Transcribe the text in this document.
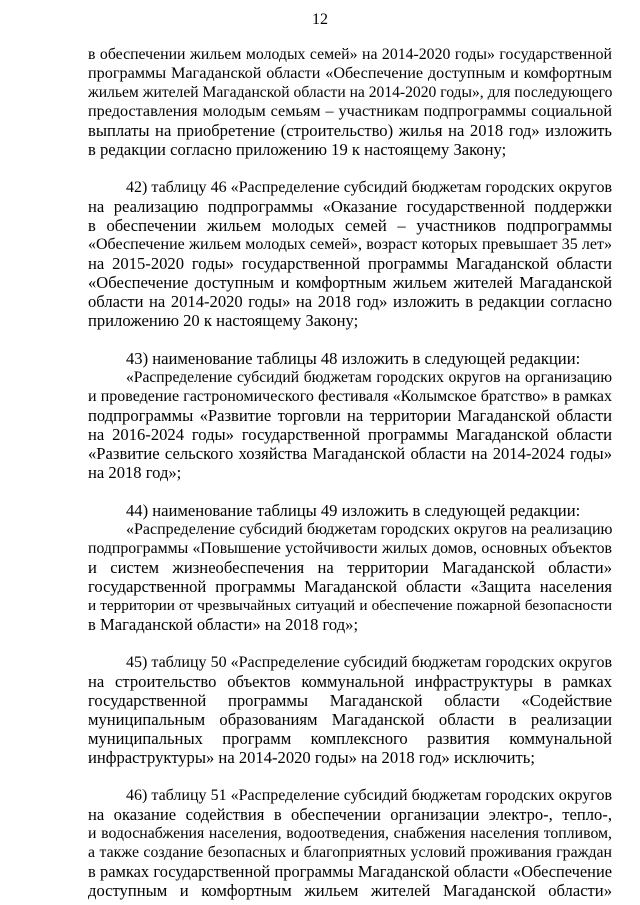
12
в обеспечении жильем молодых семей» на 2014-2020 годы» государственной
программы Магаданской области «Обеспечение доступным и комфортным
жильем жителей Магаданской области на 2014-2020 годы», для последующего
предоставления молодым семьям – участникам подпрограммы социальной
выплаты на приобретение (строительство) жилья на 2018 год» изложить
в редакции согласно приложению 19 к настоящему Закону;
42) таблицу 46 «Распределение субсидий бюджетам городских округов
на реализацию подпрограммы «Оказание государственной поддержки
в обеспечении жильем молодых семей – участников подпрограммы
«Обеспечение жильем молодых семей», возраст которых превышает 35 лет»
на 2015-2020 годы» государственной программы Магаданской области
«Обеспечение доступным и комфортным жильем жителей Магаданской
области на 2014-2020 годы» на 2018 год» изложить в редакции согласно
приложению 20 к настоящему Закону;
43) наименование таблицы 48 изложить в следующей редакции:
«Распределение субсидий бюджетам городских округов на организацию
и проведение гастрономического фестиваля «Колымское братство» в рамках
подпрограммы «Развитие торговли на территории Магаданской области
на 2016-2024 годы» государственной программы Магаданской области
«Развитие сельского хозяйства Магаданской области на 2014-2024 годы»
на 2018 год»;
44) наименование таблицы 49 изложить в следующей редакции:
«Распределение субсидий бюджетам городских округов на реализацию
подпрограммы «Повышение устойчивости жилых домов, основных объектов
и систем жизнеобеспечения на территории Магаданской области»
государственной программы Магаданской области «Защита населения
и территории от чрезвычайных ситуаций и обеспечение пожарной безопасности
в Магаданской области» на 2018 год»;
45) таблицу 50 «Распределение субсидий бюджетам городских округов
на строительство объектов коммунальной инфраструктуры в рамках
государственной программы Магаданской области «Содействие
муниципальным образованиям Магаданской области в реализации
муниципальных программ комплексного развития коммунальной
инфраструктуры» на 2014-2020 годы» на 2018 год» исключить;
46) таблицу 51 «Распределение субсидий бюджетам городских округов
на оказание содействия в обеспечении организации электро-, тепло-,
и водоснабжения населения, водоотведения, снабжения населения топливом,
а также создание безопасных и благоприятных условий проживания граждан
в рамках государственной программы Магаданской области «Обеспечение
доступным и комфортным жильем жителей Магаданской области»
